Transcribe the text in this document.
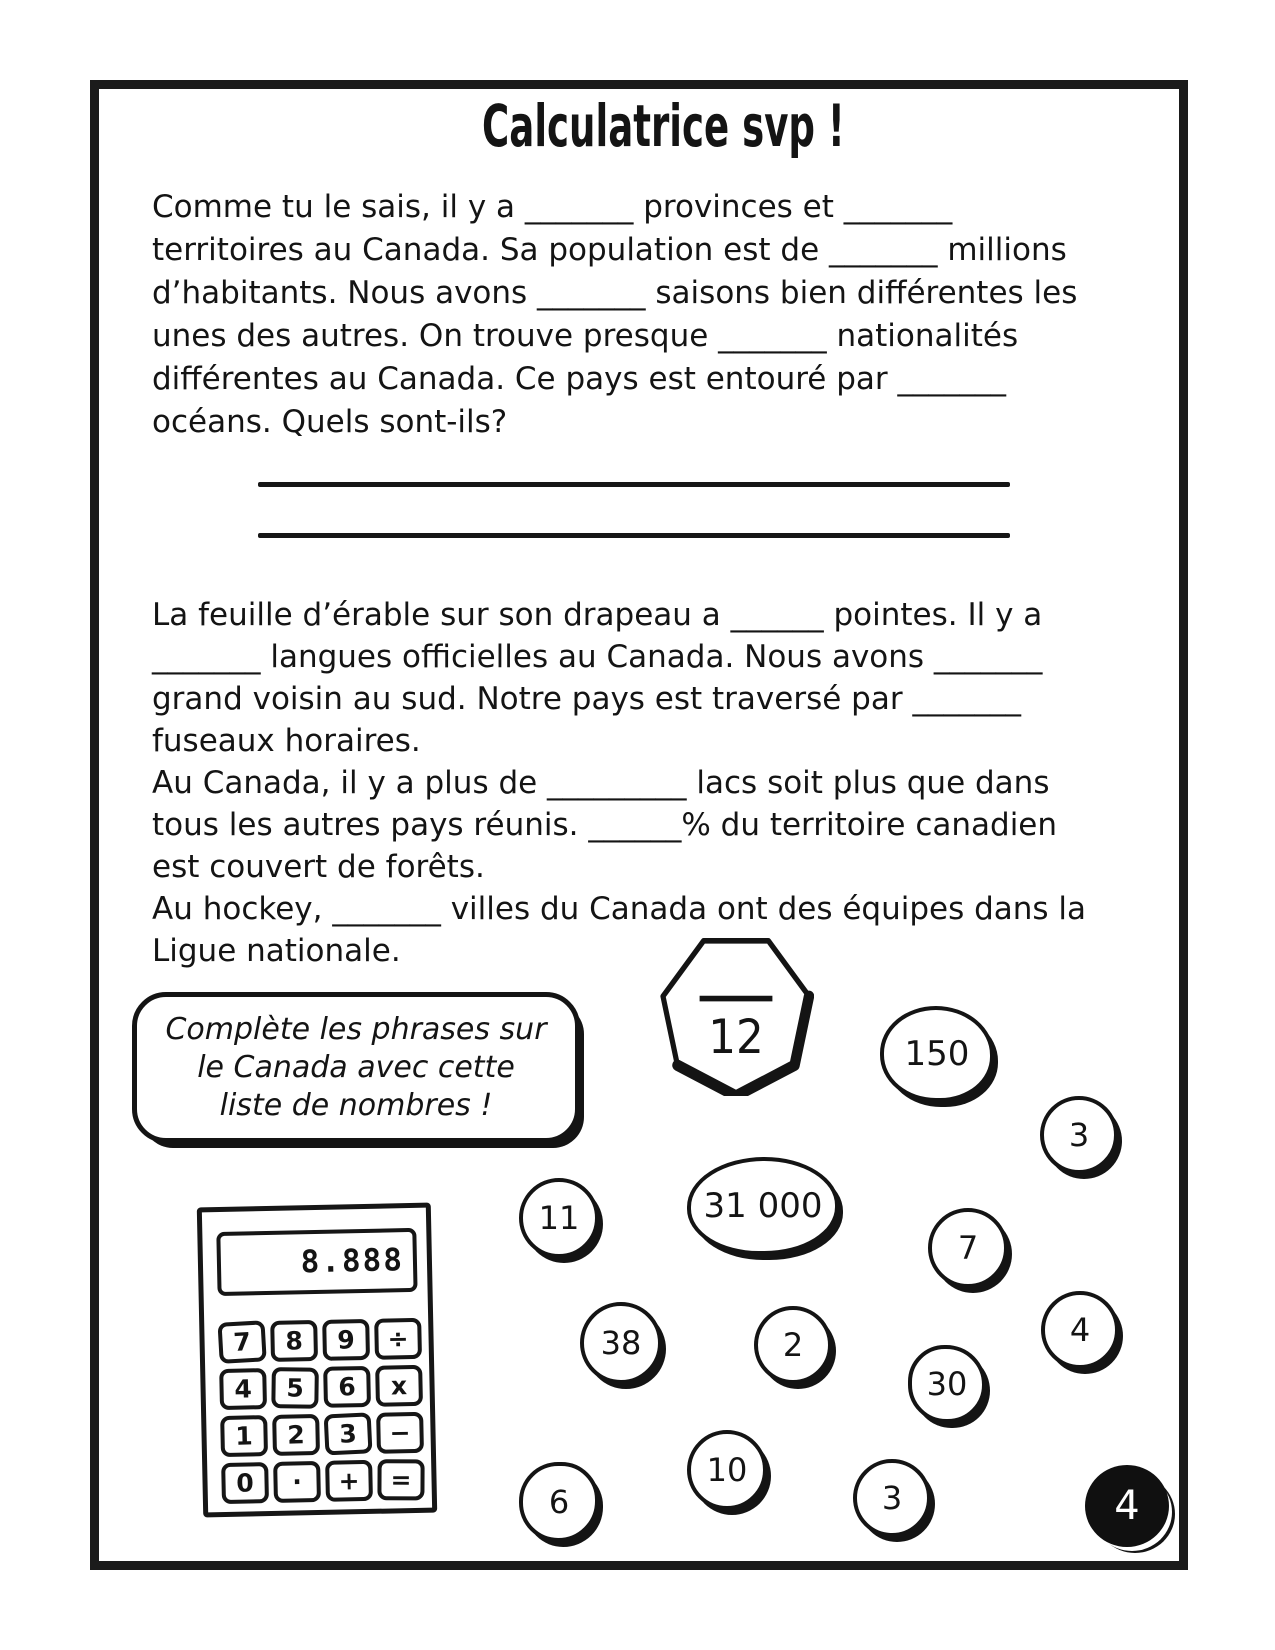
Calculatrice svp !
Comme tu le sais, il y a _______ provinces et _______
territoires au Canada. Sa population est de _______ millions
d’habitants. Nous avons _______ saisons bien différentes les
unes des autres. On trouve presque _______ nationalités
différentes au Canada. Ce pays est entouré par _______
océans. Quels sont-ils?
La feuille d’érable sur son drapeau a ______ pointes. Il y a
_______ langues officielles au Canada. Nous avons _______
grand voisin au sud. Notre pays est traversé par _______
fuseaux horaires.
Au Canada, il y a plus de _________ lacs soit plus que dans
tous les autres pays réunis. ______% du territoire canadien
est couvert de forêts.
Au hockey, _______ villes du Canada ont des équipes dans la
Ligue nationale.
12
Complète les phrases sur
le Canada avec cette
liste de nombres !
8.888
7	8	9	÷
4	5	6	x
1	2	3	−
0	·	+	=
150
3
11	31 000
7
38	2	4
30
10
6	3	4
